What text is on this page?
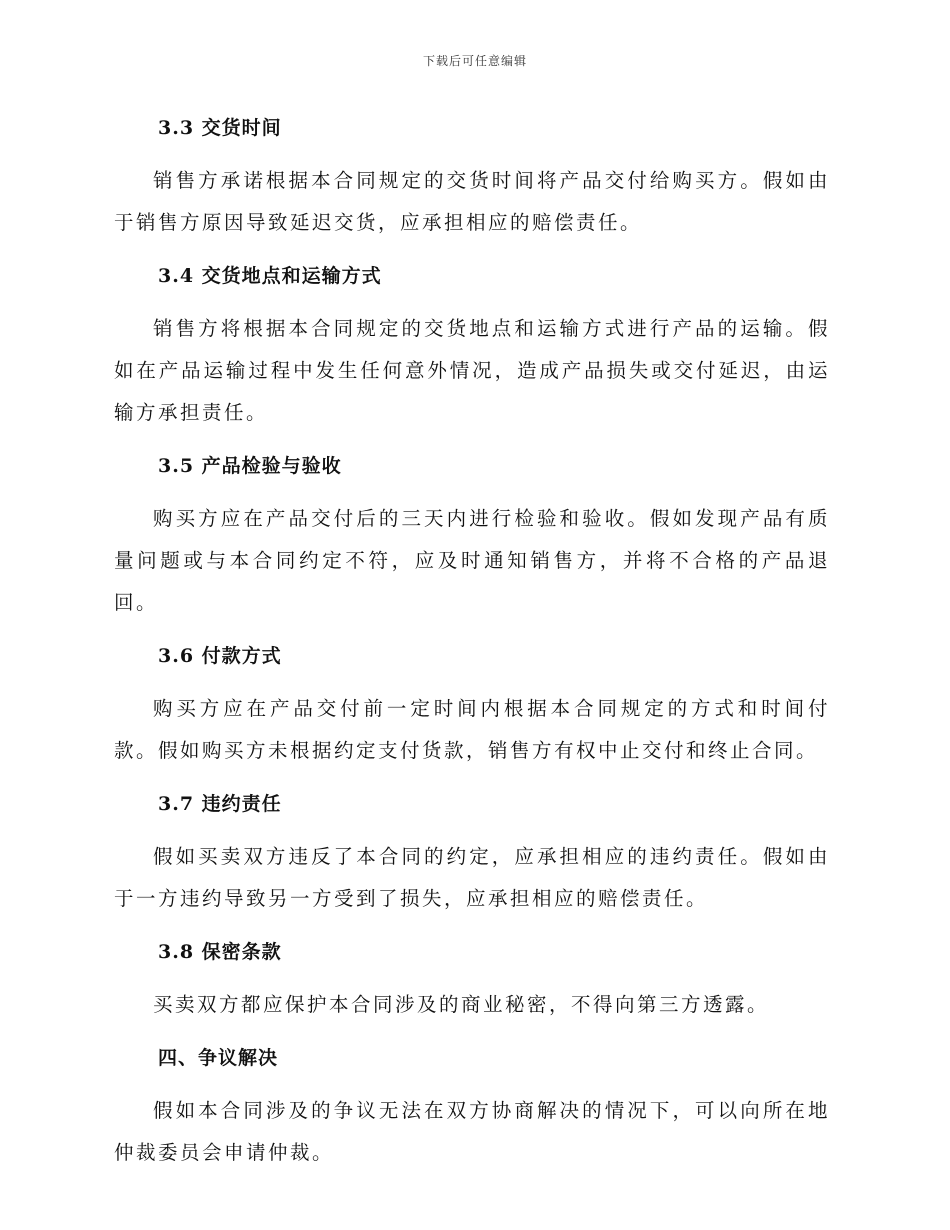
下载后可任意编辑
3.3 交货时间

销售方承诺根据本合同规定的交货时间将产品交付给购买方。假如由于销售方原因导致延迟交货，应承担相应的赔偿责任。

3.4 交货地点和运输方式

销售方将根据本合同规定的交货地点和运输方式进行产品的运输。假如在产品运输过程中发生任何意外情况，造成产品损失或交付延迟，由运输方承担责任。

3.5 产品检验与验收

购买方应在产品交付后的三天内进行检验和验收。假如发现产品有质量问题或与本合同约定不符，应及时通知销售方，并将不合格的产品退回。

3.6 付款方式

购买方应在产品交付前一定时间内根据本合同规定的方式和时间付款。假如购买方未根据约定支付货款，销售方有权中止交付和终止合同。

3.7 违约责任

假如买卖双方违反了本合同的约定，应承担相应的违约责任。假如由于一方违约导致另一方受到了损失，应承担相应的赔偿责任。

3.8 保密条款

买卖双方都应保护本合同涉及的商业秘密，不得向第三方透露。

四、争议解决

假如本合同涉及的争议无法在双方协商解决的情况下，可以向所在地仲裁委员会申请仲裁。
